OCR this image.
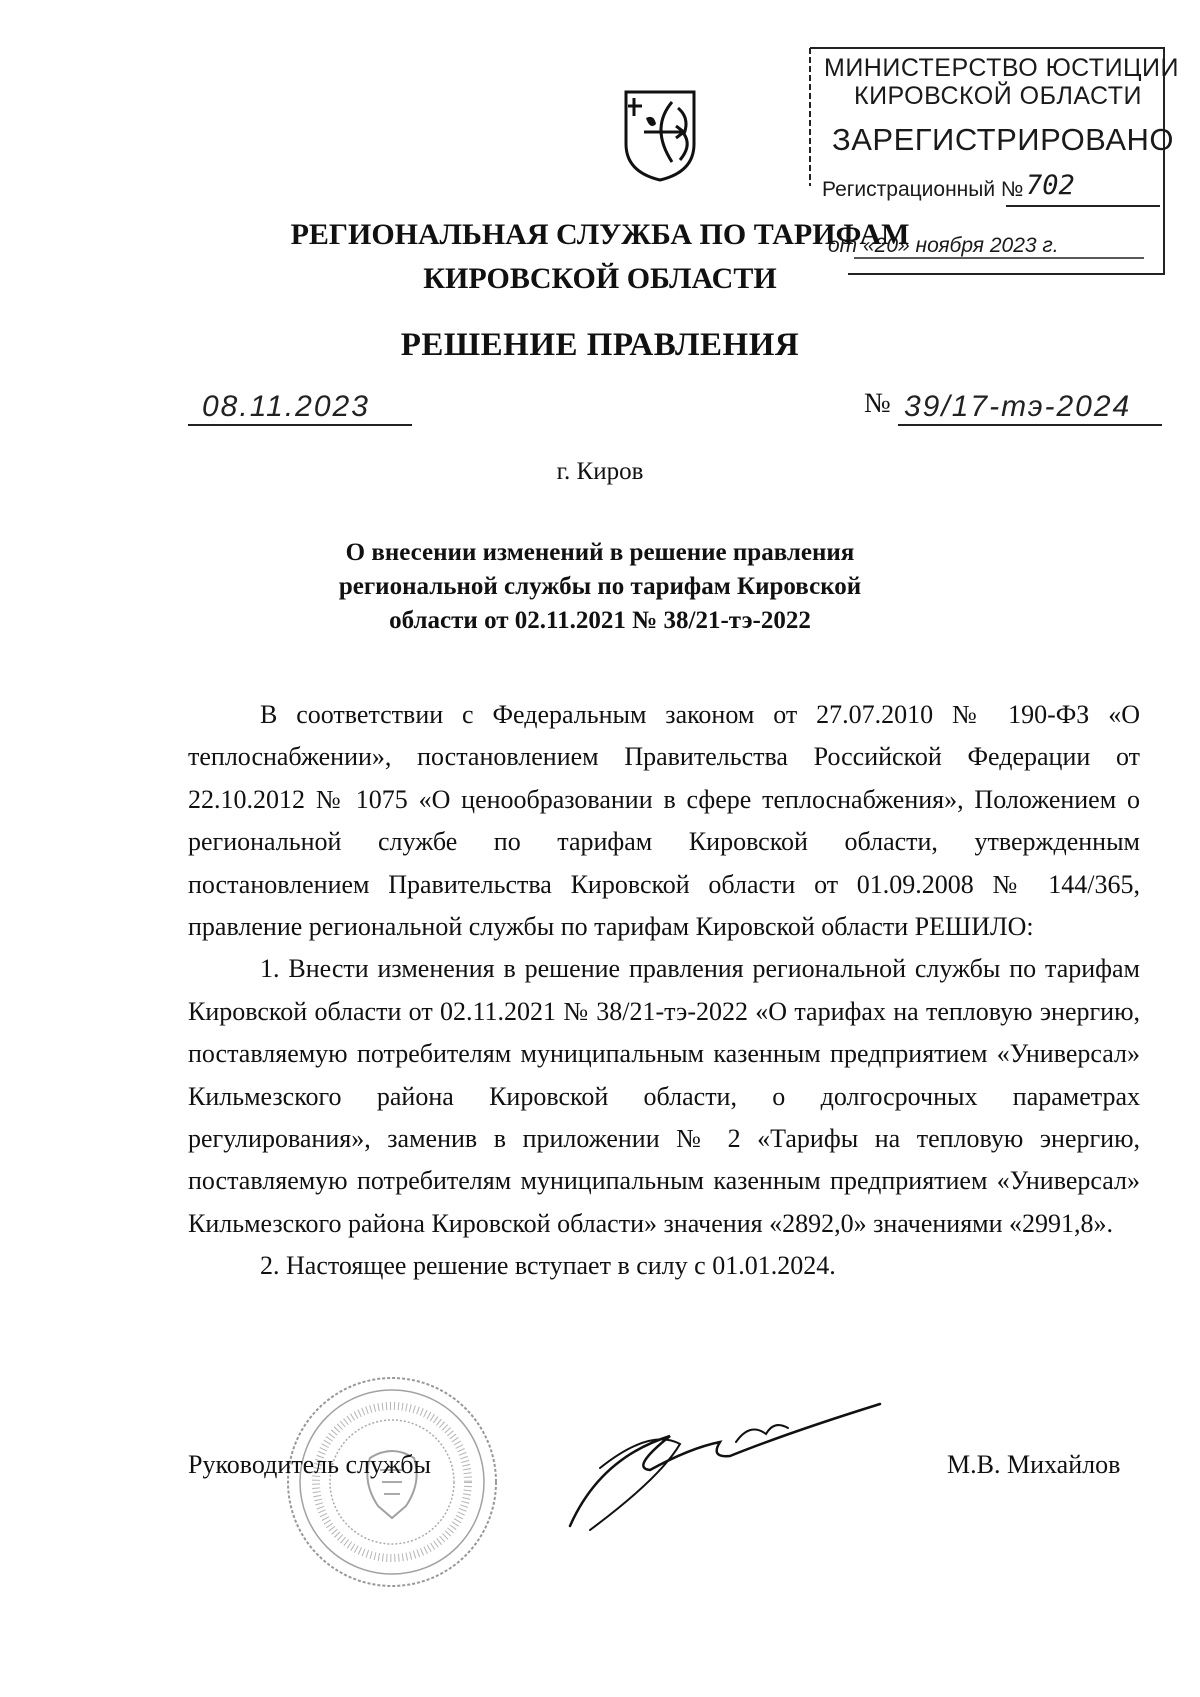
МИНИСТЕРСТВО ЮСТИЦИИ
КИРОВСКОЙ ОБЛАСТИ
ЗАРЕГИСТРИРОВАНО
Регистрационный № 702
от «20» ноября 2023 г.
РЕГИОНАЛЬНАЯ СЛУЖБА ПО ТАРИФАМ
КИРОВСКОЙ ОБЛАСТИ
РЕШЕНИЕ ПРАВЛЕНИЯ
08.11.2023	№ 39/17-тэ-2024
г. Киров
О внесении изменений в решение правления
региональной службы по тарифам Кировской
области от 02.11.2021 № 38/21-тэ-2022

В соответствии с Федеральным законом от 27.07.2010 № 190-ФЗ «О теплоснабжении», постановлением Правительства Российской Федерации от 22.10.2012 № 1075 «О ценообразовании в сфере теплоснабжения», Положением о региональной службе по тарифам Кировской области, утвержденным постановлением Правительства Кировской области от 01.09.2008 № 144/365, правление региональной службы по тарифам Кировской области РЕШИЛО:

1. Внести изменения в решение правления региональной службы по тарифам Кировской области от 02.11.2021 № 38/21-тэ-2022 «О тарифах на тепловую энергию, поставляемую потребителям муниципальным казенным предприятием «Универсал» Кильмезского района Кировской области, о долгосрочных параметрах регулирования», заменив в приложении № 2 «Тарифы на тепловую энергию, поставляемую потребителям муниципальным казенным предприятием «Универсал» Кильмезского района Кировской области» значения «2892,0» значениями «2991,8».

2. Настоящее решение вступает в силу с 01.01.2024.

Руководитель службы	М.В. Михайлов
